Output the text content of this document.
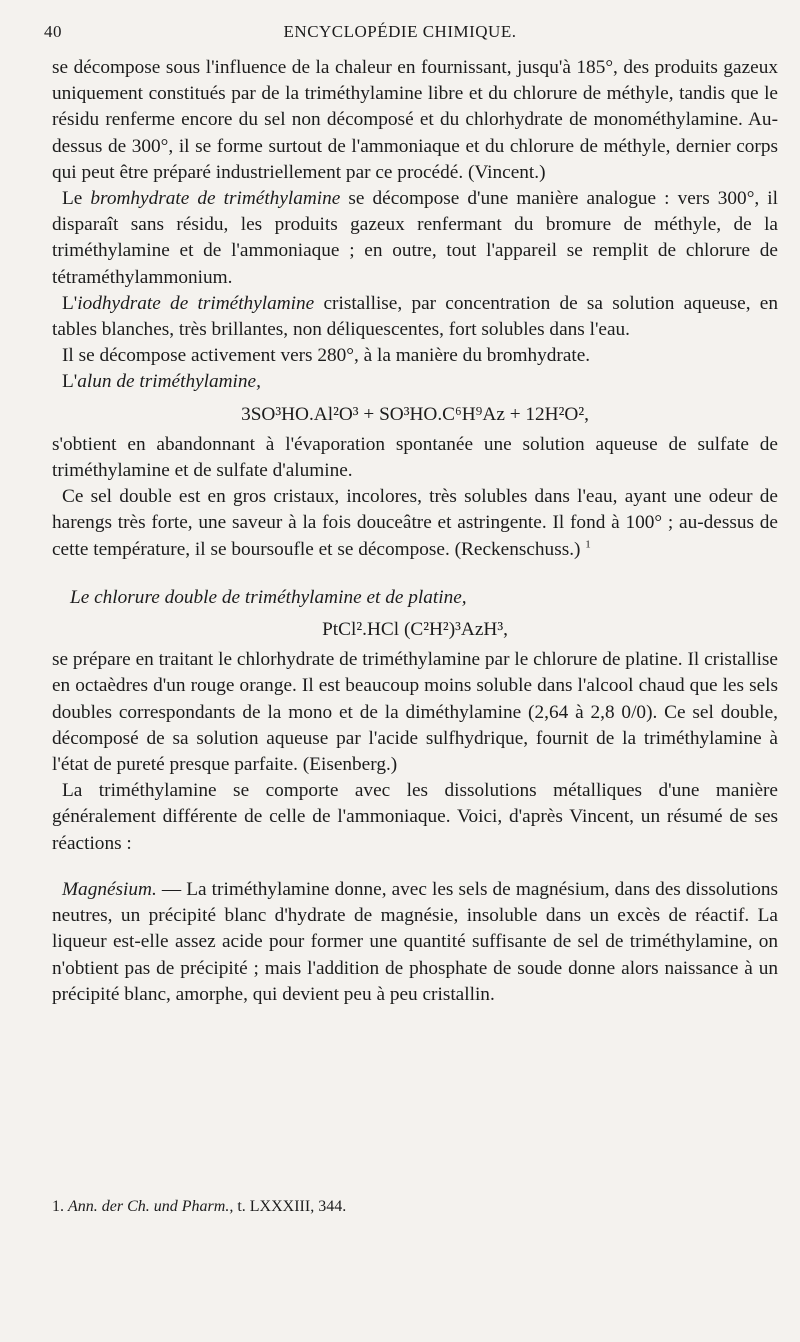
40	ENCYCLOPÉDIE CHIMIQUE.

se décompose sous l'influence de la chaleur en fournissant, jusqu'à 185°, des produits gazeux uniquement constitués par de la triméthylamine libre et du chlorure de méthyle, tandis que le résidu renferme encore du sel non décomposé et du chlorhydrate de monométhylamine. Au-dessus de 300°, il se forme surtout de l'ammoniaque et du chlorure de méthyle, dernier corps qui peut être préparé industriellement par ce procédé. (Vincent.)

Le bromhydrate de triméthylamine se décompose d'une manière analogue : vers 300°, il disparaît sans résidu, les produits gazeux renfermant du bromure de méthyle, de la triméthylamine et de l'ammoniaque ; en outre, tout l'appareil se remplit de chlorure de tétraméthylammonium.

L'iodhydrate de triméthylamine cristallise, par concentration de sa solution aqueuse, en tables blanches, très brillantes, non déliquescentes, fort solubles dans l'eau.

Il se décompose activement vers 280°, à la manière du bromhydrate.

L'alun de triméthylamine,

3SO³HO.Al²O³ + SO³HO.C⁶H⁹Az + 12H²O²,

s'obtient en abandonnant à l'évaporation spontanée une solution aqueuse de sulfate de triméthylamine et de sulfate d'alumine.

Ce sel double est en gros cristaux, incolores, très solubles dans l'eau, ayant une odeur de harengs très forte, une saveur à la fois douceâtre et astringente. Il fond à 100° ; au-dessus de cette température, il se boursoufle et se décompose. (Reckenschuss.) $^1$

Le chlorure double de triméthylamine et de platine,

PtCl².HCl (C²H²)³AzH³,

se prépare en traitant le chlorhydrate de triméthylamine par le chlorure de platine. Il cristallise en octaèdres d'un rouge orange. Il est beaucoup moins soluble dans l'alcool chaud que les sels doubles correspondants de la mono et de la diméthylamine (2,64 à 2,8 0/0). Ce sel double, décomposé de sa solution aqueuse par l'acide sulfhydrique, fournit de la triméthylamine à l'état de pureté presque parfaite. (Eisenberg.)

La triméthylamine se comporte avec les dissolutions métalliques d'une manière généralement différente de celle de l'ammoniaque. Voici, d'après Vincent, un résumé de ses réactions :

Magnésium. — La triméthylamine donne, avec les sels de magnésium, dans des dissolutions neutres, un précipité blanc d'hydrate de magnésie, insoluble dans un excès de réactif. La liqueur est-elle assez acide pour former une quantité suffisante de sel de triméthylamine, on n'obtient pas de précipité ; mais l'addition de phosphate de soude donne alors naissance à un précipité blanc, amorphe, qui devient peu à peu cristallin.

1. Ann. der Ch. und Pharm., t. LXXXIII, 344.
